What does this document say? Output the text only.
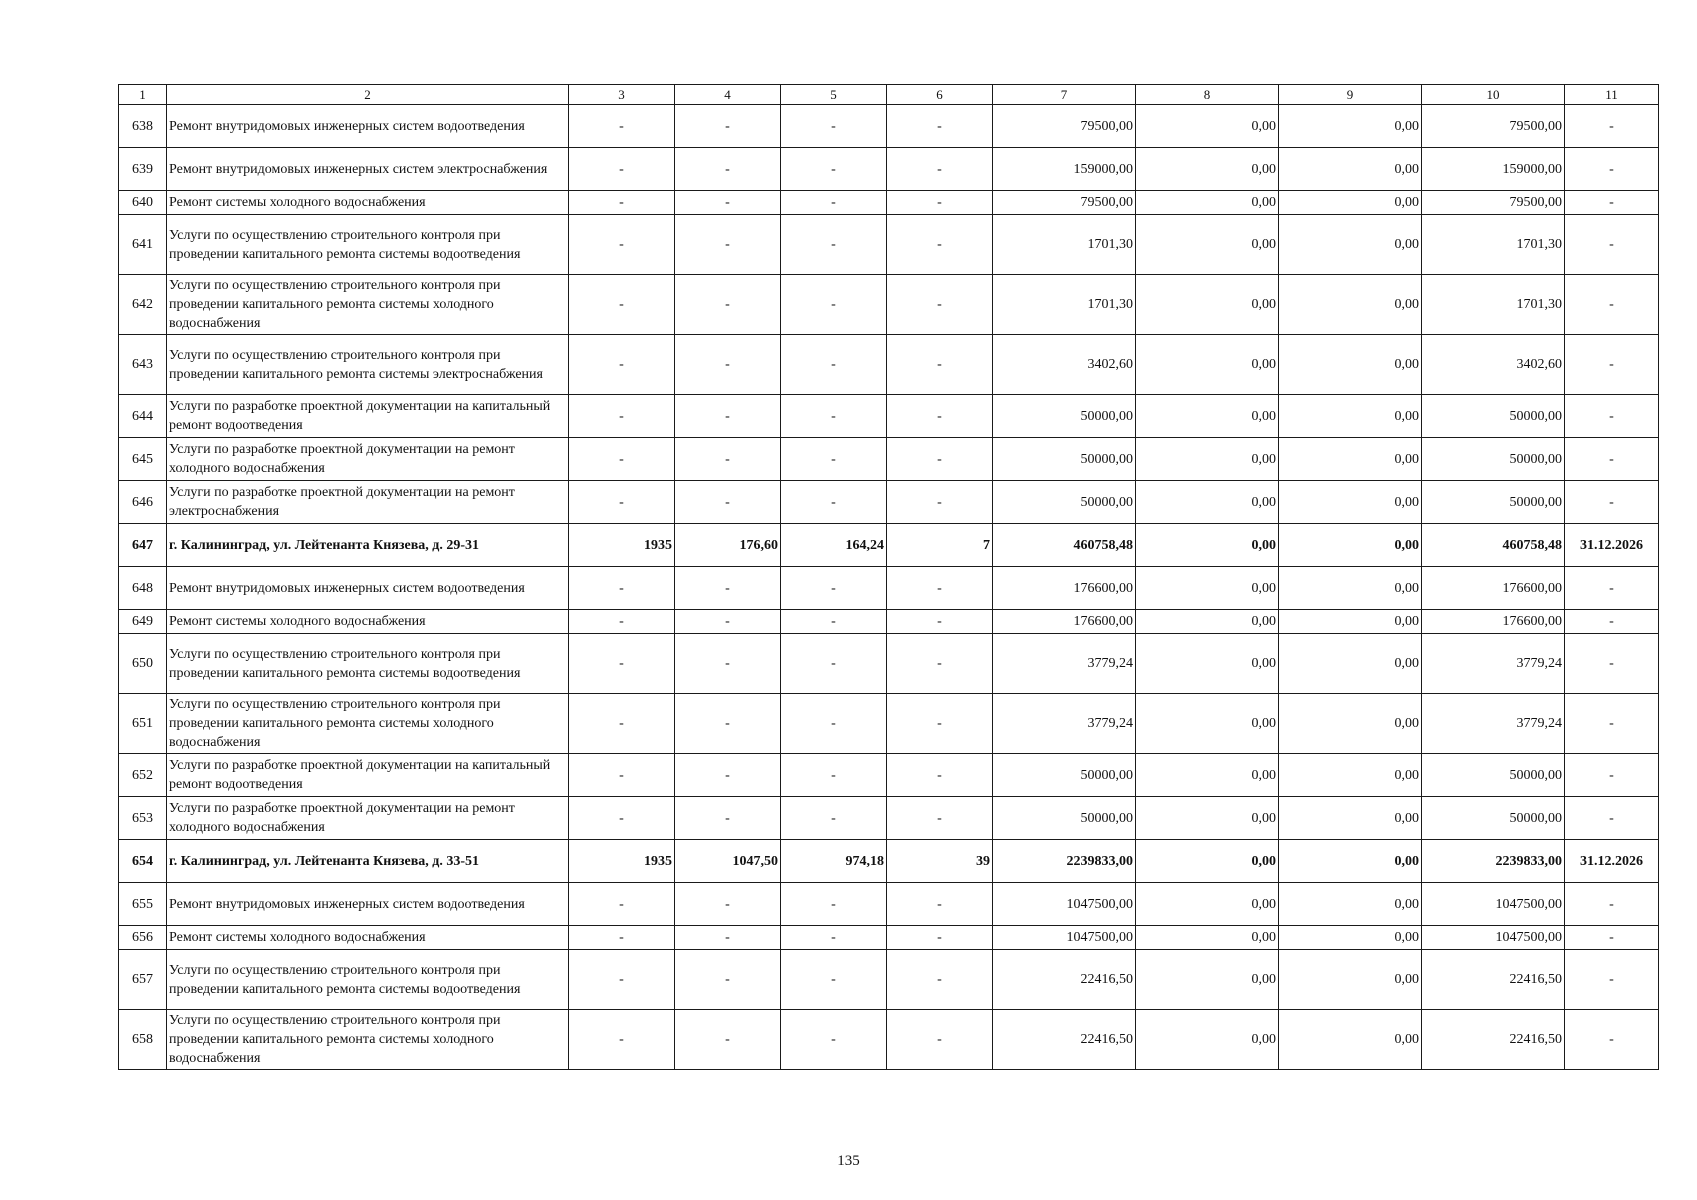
1	2	3	4	5	6	7	8	9	10	11
638	Ремонт внутридомовых инженерных систем водоотведения	-	-	-	-	79500,00	0,00	0,00	79500,00	-
639	Ремонт внутридомовых инженерных систем электроснабжения	-	-	-	-	159000,00	0,00	0,00	159000,00	-
640	Ремонт системы холодного водоснабжения	-	-	-	-	79500,00	0,00	0,00	79500,00	-
641	Услуги по осуществлению строительного контроля при проведении капитального ремонта системы водоотведения	-	-	-	-	1701,30	0,00	0,00	1701,30	-
642	Услуги по осуществлению строительного контроля при проведении капитального ремонта системы холодного водоснабжения	-	-	-	-	1701,30	0,00	0,00	1701,30	-
643	Услуги по осуществлению строительного контроля при проведении капитального ремонта системы электроснабжения	-	-	-	-	3402,60	0,00	0,00	3402,60	-
644	Услуги по разработке проектной документации на капитальный ремонт водоотведения	-	-	-	-	50000,00	0,00	0,00	50000,00	-
645	Услуги по разработке проектной документации на ремонт холодного водоснабжения	-	-	-	-	50000,00	0,00	0,00	50000,00	-
646	Услуги по разработке проектной документации на ремонт электроснабжения	-	-	-	-	50000,00	0,00	0,00	50000,00	-
647	г. Калининград, ул. Лейтенанта Князева, д. 29-31	1935	176,60	164,24	7	460758,48	0,00	0,00	460758,48	31.12.2026
648	Ремонт внутридомовых инженерных систем водоотведения	-	-	-	-	176600,00	0,00	0,00	176600,00	-
649	Ремонт системы холодного водоснабжения	-	-	-	-	176600,00	0,00	0,00	176600,00	-
650	Услуги по осуществлению строительного контроля при проведении капитального ремонта системы водоотведения	-	-	-	-	3779,24	0,00	0,00	3779,24	-
651	Услуги по осуществлению строительного контроля при проведении капитального ремонта системы холодного водоснабжения	-	-	-	-	3779,24	0,00	0,00	3779,24	-
652	Услуги по разработке проектной документации на капитальный ремонт водоотведения	-	-	-	-	50000,00	0,00	0,00	50000,00	-
653	Услуги по разработке проектной документации на ремонт холодного водоснабжения	-	-	-	-	50000,00	0,00	0,00	50000,00	-
654	г. Калининград, ул. Лейтенанта Князева, д. 33-51	1935	1047,50	974,18	39	2239833,00	0,00	0,00	2239833,00	31.12.2026
655	Ремонт внутридомовых инженерных систем водоотведения	-	-	-	-	1047500,00	0,00	0,00	1047500,00	-
656	Ремонт системы холодного водоснабжения	-	-	-	-	1047500,00	0,00	0,00	1047500,00	-
657	Услуги по осуществлению строительного контроля при проведении капитального ремонта системы водоотведения	-	-	-	-	22416,50	0,00	0,00	22416,50	-
658	Услуги по осуществлению строительного контроля при проведении капитального ремонта системы холодного водоснабжения	-	-	-	-	22416,50	0,00	0,00	22416,50	-
135
